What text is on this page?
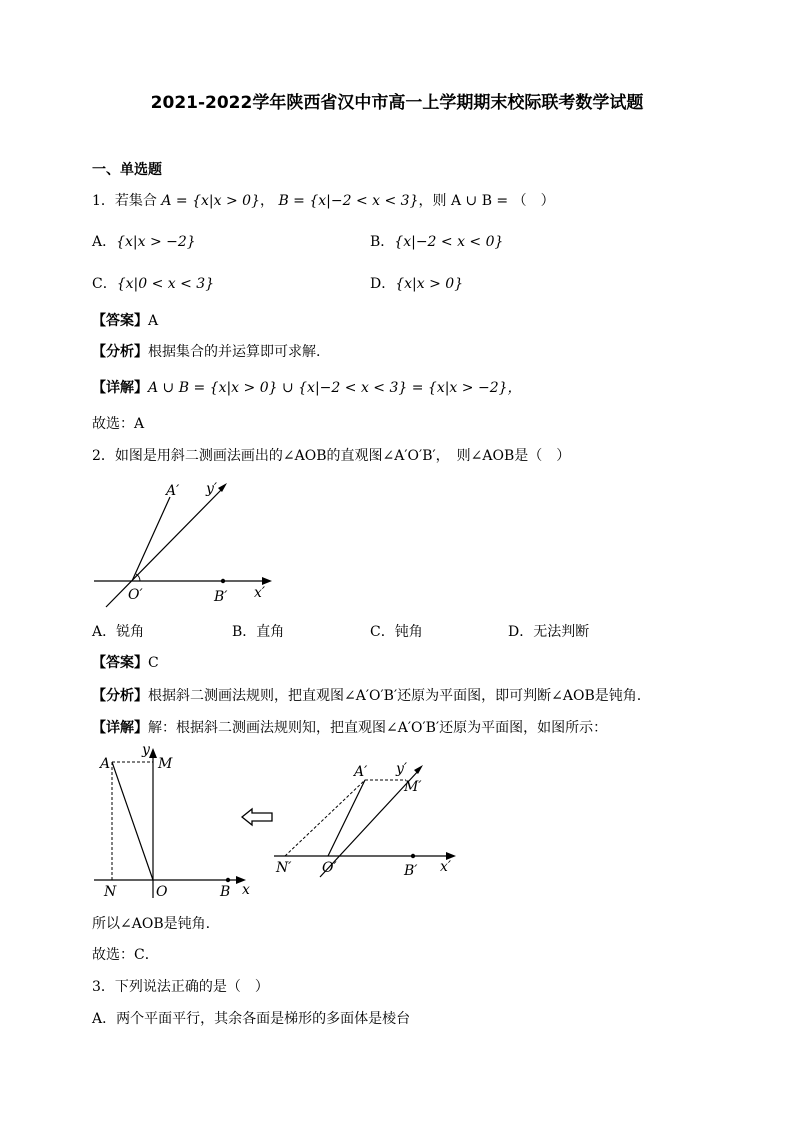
2021-2022学年陕西省汉中市高一上学期期末校际联考数学试题
一、单选题
1．若集合 A = {x|x > 0}， B = {x|−2 < x < 3}，则 A ∪ B = （　）
A．{x|x > −2}	B．{x|−2 < x < 0}
C．{x|0 < x < 3}	D．{x|x > 0}
【答案】A
【分析】根据集合的并运算即可求解.
【详解】A ∪ B = {x|x > 0} ∪ {x|−2 < x < 3} = {x|x > −2}，
故选：A
2．如图是用斜二测画法画出的∠AOB的直观图∠A′O′B′，　则∠AOB是（　）
A′ y′
O′	B′ x′
A．锐角	B．直角	C．钝角	D．无法判断
【答案】C
【分析】根据斜二测画法规则，把直观图∠A′O′B′还原为平面图，即可判断∠AOB是钝角.
【详解】解：根据斜二测画法规则知，把直观图∠A′O′B′还原为平面图，如图所示：
A
y
M
N	O	B x
A′ y′
M′
N′ O′	B′ x′
所以∠AOB是钝角.
故选：C．
3．下列说法正确的是（　）
A．两个平面平行，其余各面是梯形的多面体是棱台
